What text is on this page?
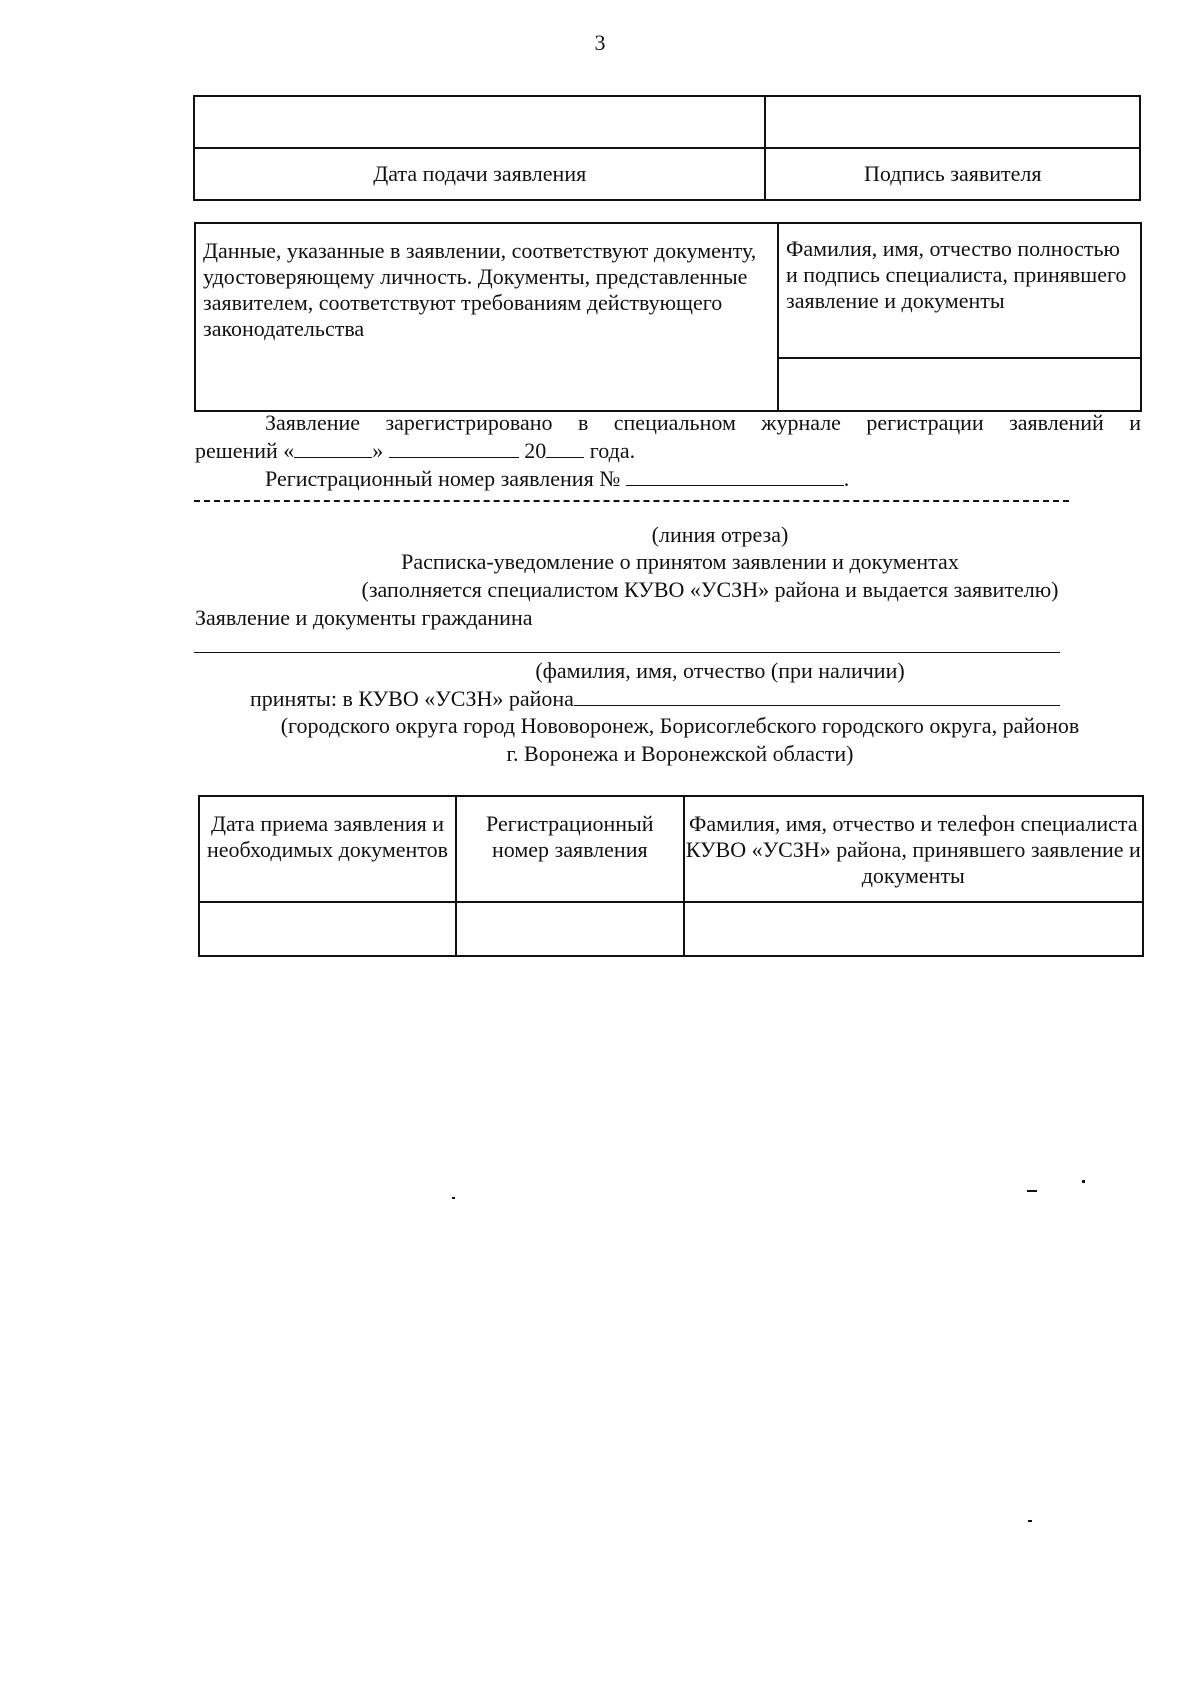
3

Дата подачи заявления	Подпись заявителя
Данные, указанные в заявлении, соответствуют документу, удостоверяющему личность. Документы, представленные заявителем, соответствуют требованиям действующего законодательства	Фамилия, имя, отчество полностью и подпись специалиста, принявшего заявление и документы

Заявление зарегистрировано в специальном журнале регистрации заявлений и
решений «	»	20 года.
Регистрационный номер заявления №	.
(линия отреза)
Расписка-уведомление о принятом заявлении и документах
(заполняется специалистом КУВО «УСЗН» района и выдается заявителю)
Заявление и документы гражданина
(фамилия, имя, отчество (при наличии)
приняты: в КУВО «УСЗН» района
(городского округа город Нововоронеж, Борисоглебского городского округа, районов
г. Воронежа и Воронежской области)
Дата приема заявления и необходимых документов	Регистрационный номер заявления	Фамилия, имя, отчество и телефон специалиста КУВО «УСЗН» района, принявшего заявление и документы
